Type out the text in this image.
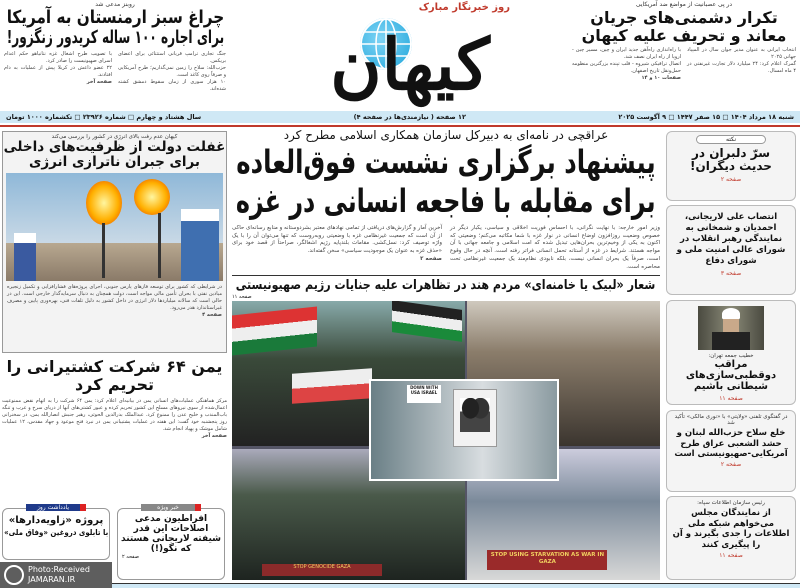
روبنز مدعی شد
چراغ سبز ارمنستان به آمریکا
برای اجاره ۱۰۰ ساله کریدور زنگزور!
جنگ تجاری ترامپ قربانی استثنائی برای اعضای بریکس.
حزب‌الله: سلاح را زمین نمی‌گذاریم؛ طرح آمریکایی و صرفاً روی کاغذ است.
۱۰ هزار سوری از زمان سقوط دمشق کشته شده‌اند.
با تصویب طرح اشغال غزه نتانیاهو حکم اعدام اسرای صهیونیست را صادر کرد.
۲۲ عضو داعش در کربلا پیش از عملیات به دام افتادند.
صفحه آخر
روز خبرنگار مبارک
کیهان
در پی عصبانیت از مواضع ضد آمریکایی
تکرار دشمنی‌های جریان معاند و تحریف علیه کیهان
انتخاب ایرانی به عنوان مدیر جوان سال در المپیاد جهانی ۲۰۲۵
گمرک اعلام کرد: ۲۴ میلیارد دلار تجارت غیرنفتی در ۴ ماه امسال.
با راه‌اندازی راه‌آهن جدید ایران و چین، مسیر چین - اروپا از راه ایران نصف شد.
اتصال ترافیکی شیروه - قلب تپنده بزرگترین منظومه حمل‌ونقل تاریخ اصفهان.
صفحات ۱۰ و ۱۴
شنبه ۱۸ مرداد ۱۴۰۴ □ ۱۵ صفر ۱۴۴۷ □ ۹ آگوست ۲۰۲۵
۱۲ صفحه ( نیازمندی‌ها در صفحه ۴)
سال هشتاد و چهارم □ شماره ۲۳۹۲۶ □ تکشماره ۱۰۰۰ تومان
عراقچی در نامه‌ای به دبیرکل سازمان همکاری اسلامی مطرح کرد
پیشنهاد برگزاری نشست فوق‌العاده
برای مقابله با فاجعه انسانی در غزه
وزیر امور خارجه: با نهایت نگرانی، با احساس فوریت اخلاقی و سیاسی، یکبار دیگر در خصوص وضعیت روزافزون اوضاع انسانی در نوار غزه با شما مکاتبه می‌کنم؛ وضعیتی که اکنون به یکی از وخیم‌ترین بحران‌هایی تبدیل شده که امت اسلامی و جامعه جهانی با آن مواجه هستند. شرایط در غزه از آستانه تحمل انسانی فراتر رفته است. آنچه در حال وقوع است، صرفاً یک بحران انسانی نیست، بلکه نابودی نظام‌مند یک جمعیت غیرنظامی تحت محاصره است.
آخرین آمار و گزارش‌های دریافتی از تمامی نهادهای معتبر بشردوستانه و منابع رسانه‌ای حاکی از آن است که جمعیت غیرنظامی غزه با وضعیتی روبه‌روست که تنها می‌توان آن را با یک واژه توصیف کرد: نسل‌کشی. مقامات بلندپایه رژیم اشغالگر، صراحتاً از قصد خود برای «حذف غزه به عنوان یک موجودیت سیاسی» سخن گفته‌اند.
صفحه ۲
شعار «لبیک یا خامنه‌ای» مردم هند در تظاهرات علیه جنایات رژیم صهیونیستی
صفحه ۱۱
STOP GENOCIDE GAZA
STOP USING STARVATION AS WAR IN GAZA
DOWN WITH USA ISRAEL
کیهان عدم رفت بالای انرژی در کشور را بررسی می‌کند
غفلت دولت از ظرفیت‌های داخلی
برای جبران ناترازی انرژی
در شرایطی که کشور برای توسعه فازهای پارس جنوبی، اجرای پروژه‌های فشارافزایی و تکمیل زنجیره میادین نفتی با بحران تأمین مالی مواجه است، دولت همچنان به دنبال سرمایه‌گذار خارجی است. این در حالی است که سالانه میلیاردها دلار انرژی در داخل کشور به دلیل تلفات فنی، بهره‌وری پایین و مصرف غیراستاندارد هدر می‌رود.
صفحه ۴
یمن ۶۴ شرکت کشتیرانی را
تحریم کرد
مرکز هماهنگی عملیات‌های انسانی یمن در بیانیه‌ای اعلام کرد: یمن ۶۴ شرکت را به اتهام نقض ممنوعیت اعمال‌شده از سوی نیروهای مسلح این کشور تحریم کرده و عبور کشتی‌های آنها از دریای سرخ و عرب و تنگه باب‌المندب و خلیج عدن را ممنوع کرد. عبدالملک بدرالدین الحوثی، رهبر جنبش انصارالله یمن، در سخنرانی روز پنجشنبه خود گفت: این هفته در عملیات پشتیبانی یمن در نبرد فتح موعود و جهاد مقدس، ۱۲ عملیات شامل موشک و پهپاد انجام شد.
صفحه آخر
خبر ویژه
افراطیون مدعی اصلاحات این قدر شیفته لاریجانی هستند که نگو(!)
صفحه ۲
یادداشت روز
پروژه «زاویه‌دارها»
با تابلوی دروغین «وفاق ملی»
Photo:Received
JAMARAN.IR
نکته
سرّ دلبران در حدیث دیگران!
صفحه ۲
انتصاب علی لاریجانی، احمدیان و شمخانی به نمایندگی رهبر انقلاب در شورای عالی امنیت ملی و شورای دفاع
صفحه ۳
خطیب جمعه تهران:
مراقب دوقطبی‌سازی‌های شیطانی باشیم
صفحه ۱۱
در گفتگوی تلفنی «ولایتی» با «نوری مالکی» تأکید شد
خلع سلاح حزب‌الله لبنان و حشد الشعبی عراق طرح آمریکایی-صهیونیستی است
صفحه ۲
رئیس سازمان اطلاعات سپاه:
از نمایندگان مجلس می‌خواهم شبکه ملی اطلاعات را جدی بگیرند و آن را پیگیری کنند
صفحه ۱۱
